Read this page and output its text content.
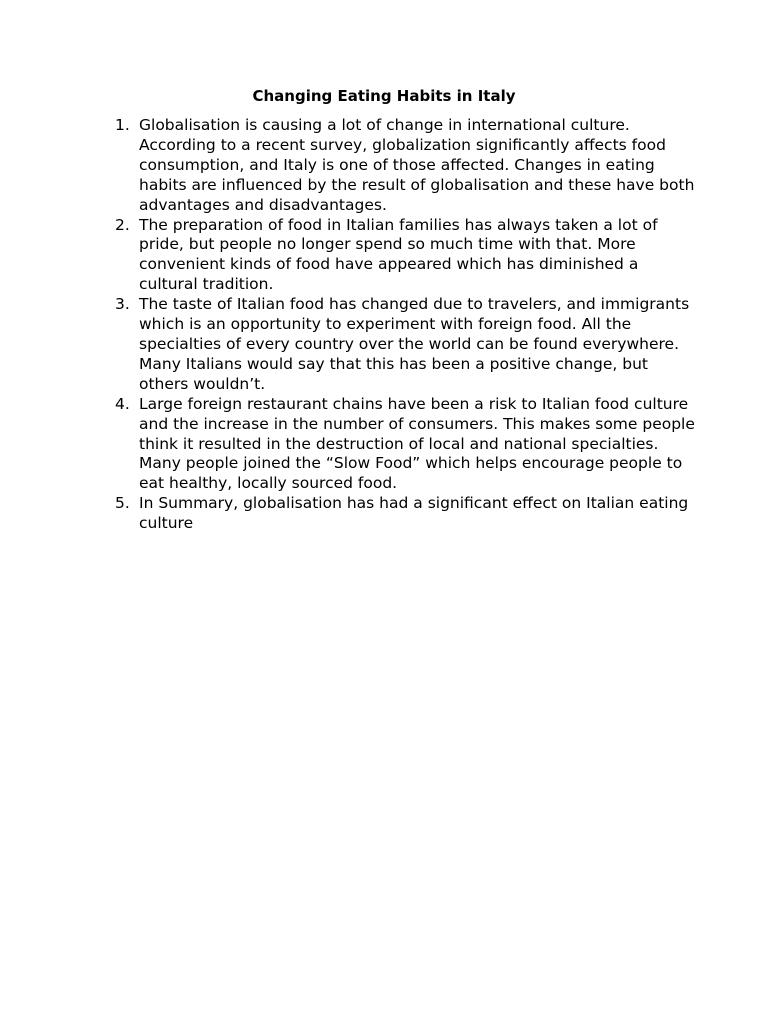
Changing Eating Habits in Italy
1. Globalisation is causing a lot of change in international culture. According to a recent survey, globalization significantly affects food consumption, and Italy is one of those affected. Changes in eating habits are influenced by the result of globalisation and these have both advantages and disadvantages.
2. The preparation of food in Italian families has always taken a lot of pride, but people no longer spend so much time with that. More convenient kinds of food have appeared which has diminished a cultural tradition.
3. The taste of Italian food has changed due to travelers, and immigrants which is an opportunity to experiment with foreign food. All the specialties of every country over the world can be found everywhere. Many Italians would say that this has been a positive change, but others wouldn’t.
4. Large foreign restaurant chains have been a risk to Italian food culture and the increase in the number of consumers. This makes some people think it resulted in the destruction of local and national specialties. Many people joined the “Slow Food” which helps encourage people to eat healthy, locally sourced food.
5. In Summary, globalisation has had a significant effect on Italian eating culture
